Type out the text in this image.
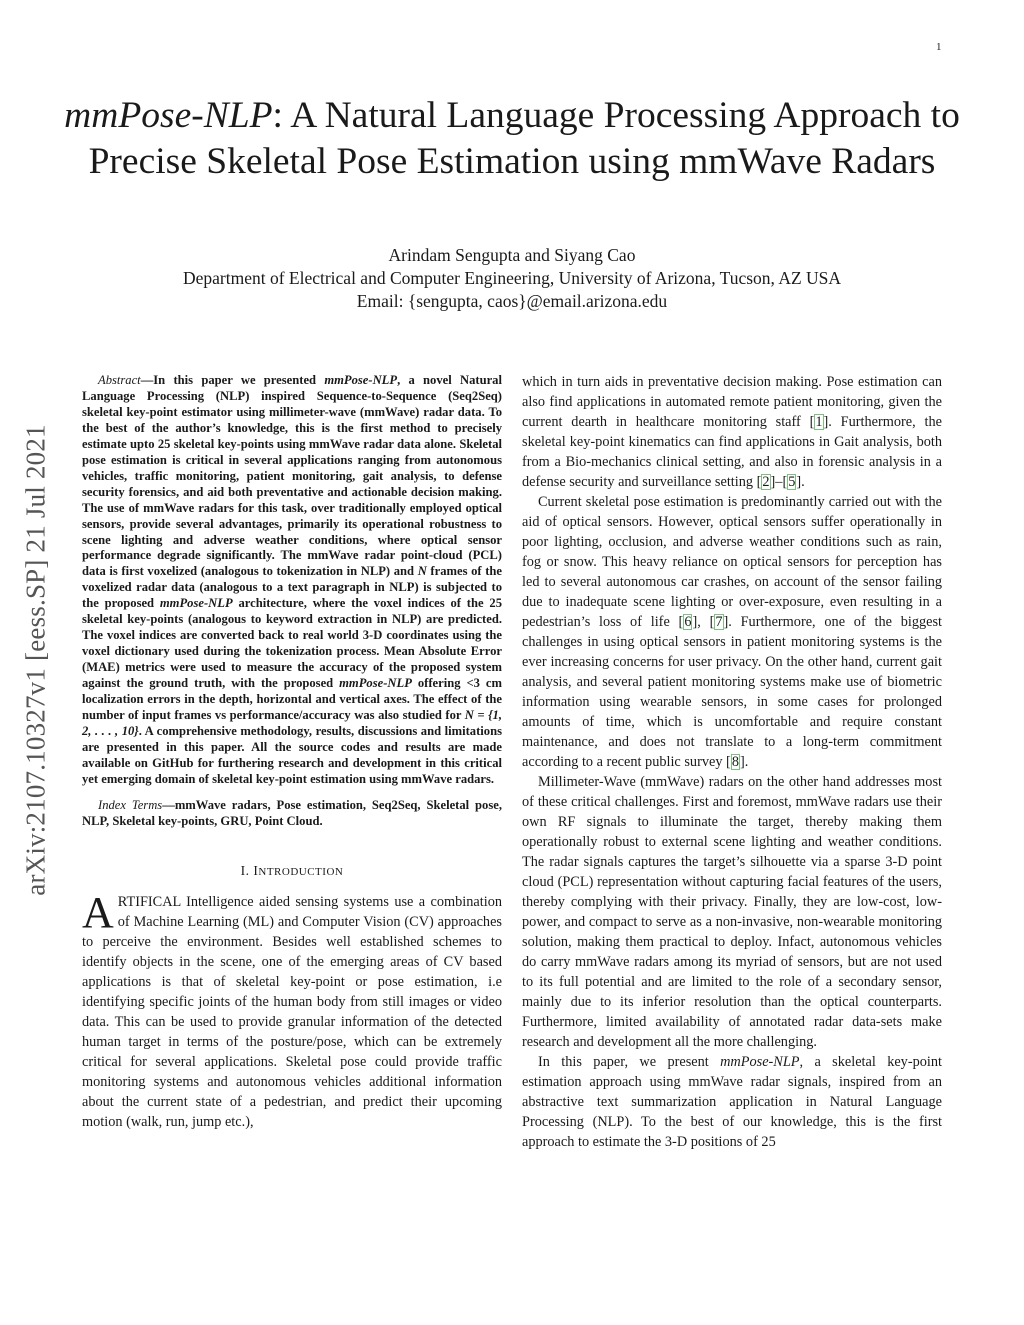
1
arXiv:2107.10327v1 [eess.SP] 21 Jul 2021
mmPose-NLP: A Natural Language Processing Approach to Precise Skeletal Pose Estimation using mmWave Radars
Arindam Sengupta and Siyang Cao
Department of Electrical and Computer Engineering, University of Arizona, Tucson, AZ USA
Email: {sengupta, caos}@email.arizona.edu

Abstract—In this paper we presented mmPose-NLP, a novel Natural Language Processing (NLP) inspired Sequence-to-Sequence (Seq2Seq) skeletal key-point estimator using millimeter-wave (mmWave) radar data. To the best of the author’s knowledge, this is the first method to precisely estimate upto 25 skeletal key-points using mmWave radar data alone. Skeletal pose estimation is critical in several applications ranging from autonomous vehicles, traffic monitoring, patient monitoring, gait analysis, to defense security forensics, and aid both preventative and actionable decision making. The use of mmWave radars for this task, over traditionally employed optical sensors, provide several advantages, primarily its operational robustness to scene lighting and adverse weather conditions, where optical sensor performance degrade significantly. The mmWave radar point-cloud (PCL) data is first voxelized (analogous to tokenization in NLP) and N frames of the voxelized radar data (analogous to a text paragraph in NLP) is subjected to the proposed mmPose-NLP architecture, where the voxel indices of the 25 skeletal key-points (analogous to keyword extraction in NLP) are predicted. The voxel indices are converted back to real world 3-D coordinates using the voxel dictionary used during the tokenization process. Mean Absolute Error (MAE) metrics were used to measure the accuracy of the proposed system against the ground truth, with the proposed mmPose-NLP offering <3 cm localization errors in the depth, horizontal and vertical axes. The effect of the number of input frames vs performance/accuracy was also studied for N = {1, 2, . . . , 10}. A comprehensive methodology, results, discussions and limitations are presented in this paper. All the source codes and results are made available on GitHub for furthering research and development in this critical yet emerging domain of skeletal key-point estimation using mmWave radars.

Index Terms—mmWave radars, Pose estimation, Seq2Seq, Skeletal pose, NLP, Skeletal key-points, GRU, Point Cloud.

I. INTRODUCTION

ARTIFICAL Intelligence aided sensing systems use a combination of Machine Learning (ML) and Computer Vision (CV) approaches to perceive the environment. Besides well established schemes to identify objects in the scene, one of the emerging areas of CV based applications is that of skeletal key-point or pose estimation, i.e identifying specific joints of the human body from still images or video data. This can be used to provide granular information of the detected human target in terms of the posture/pose, which can be extremely critical for several applications. Skeletal pose could provide traffic monitoring systems and autonomous vehicles additional information about the current state of a pedestrian, and predict their upcoming motion (walk, run, jump etc.),

which in turn aids in preventative decision making. Pose estimation can also find applications in automated remote patient monitoring, given the current dearth in healthcare monitoring staff [1]. Furthermore, the skeletal key-point kinematics can find applications in Gait analysis, both from a Bio-mechanics clinical setting, and also in forensic analysis in a defense security and surveillance setting [2]–[5].

Current skeletal pose estimation is predominantly carried out with the aid of optical sensors. However, optical sensors suffer operationally in poor lighting, occlusion, and adverse weather conditions such as rain, fog or snow. This heavy reliance on optical sensors for perception has led to several autonomous car crashes, on account of the sensor failing due to inadequate scene lighting or over-exposure, even resulting in a pedestrian’s loss of life [6], [7]. Furthermore, one of the biggest challenges in using optical sensors in patient monitoring systems is the ever increasing concerns for user privacy. On the other hand, current gait analysis, and several patient monitoring systems make use of biometric information using wearable sensors, in some cases for prolonged amounts of time, which is uncomfortable and require constant maintenance, and does not translate to a long-term commitment according to a recent public survey [8].

Millimeter-Wave (mmWave) radars on the other hand addresses most of these critical challenges. First and foremost, mmWave radars use their own RF signals to illuminate the target, thereby making them operationally robust to external scene lighting and weather conditions. The radar signals captures the target’s silhouette via a sparse 3-D point cloud (PCL) representation without capturing facial features of the users, thereby complying with their privacy. Finally, they are low-cost, low-power, and compact to serve as a non-invasive, non-wearable monitoring solution, making them practical to deploy. Infact, autonomous vehicles do carry mmWave radars among its myriad of sensors, but are not used to its full potential and are limited to the role of a secondary sensor, mainly due to its inferior resolution than the optical counterparts. Furthermore, limited availability of annotated radar data-sets make research and development all the more challenging.

In this paper, we present mmPose-NLP, a skeletal key-point estimation approach using mmWave radar signals, inspired from an abstractive text summarization application in Natural Language Processing (NLP). To the best of our knowledge, this is the first approach to estimate the 3-D positions of 25
